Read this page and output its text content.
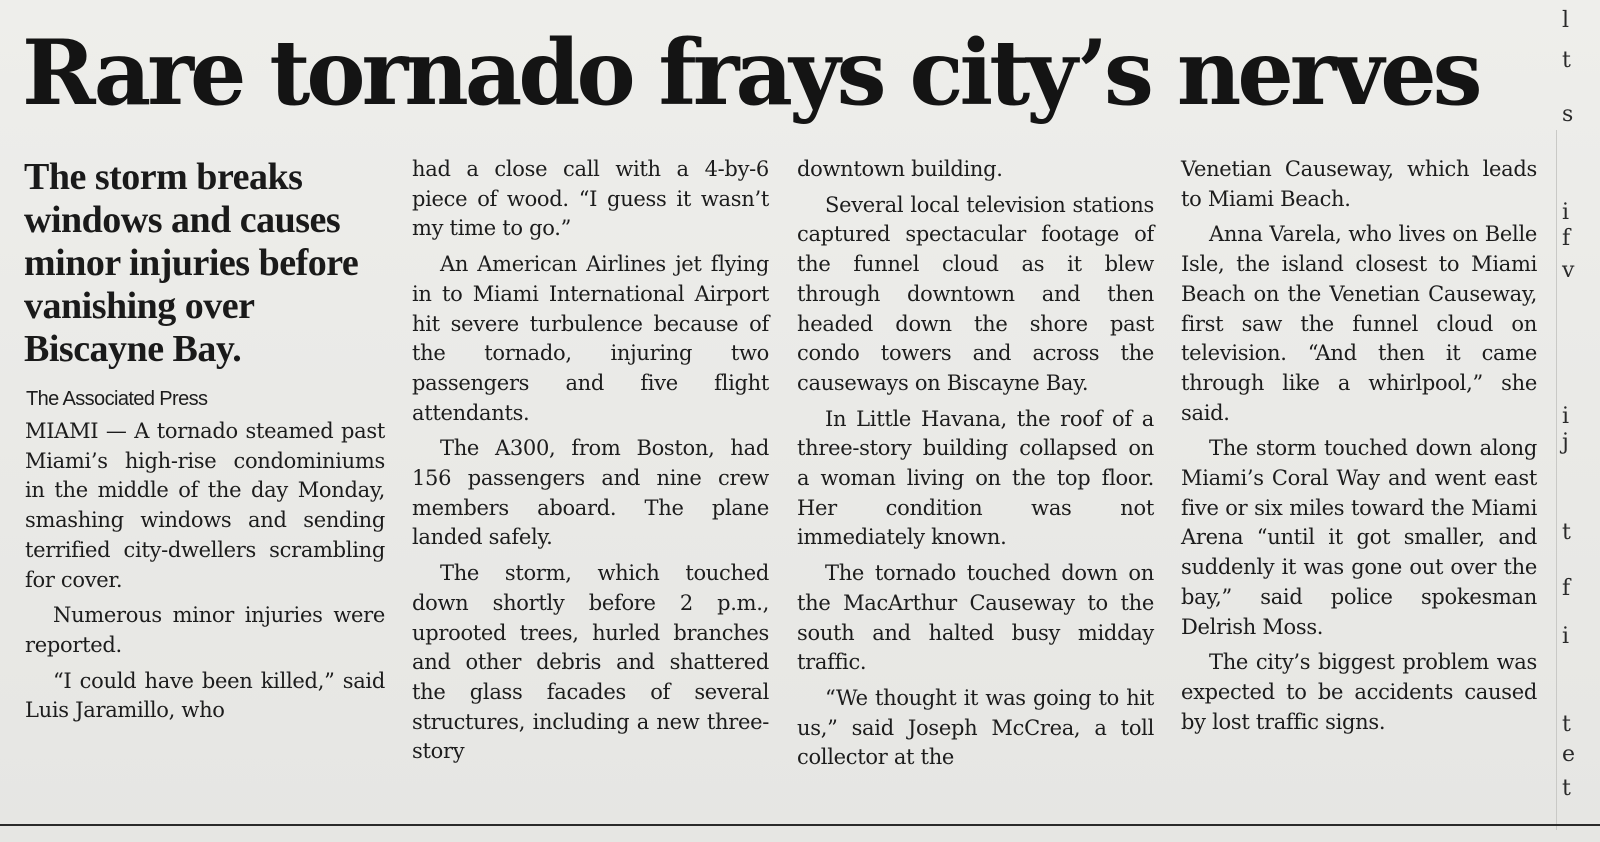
Rare tornado frays city’s nerves
The storm breaks windows and causes minor injuries before vanishing over Biscayne Bay.
The Associated Press

MIAMI — A tornado steamed past Miami’s high-rise condominiums in the middle of the day Monday, smashing windows and sending terrified city-dwellers scrambling for cover.

Numerous minor injuries were reported.

“I could have been killed,” said Luis Jaramillo, who

had a close call with a 4-by-6 piece of wood. “I guess it wasn’t my time to go.”

An American Airlines jet flying in to Miami International Airport hit severe turbulence because of the tornado, injuring two passengers and five flight attendants.

The A300, from Boston, had 156 passengers and nine crew members aboard. The plane landed safely.

The storm, which touched down shortly before 2 p.m., uprooted trees, hurled branches and other debris and shattered the glass facades of several structures, including a new three-story

downtown building.

Several local television stations captured spectacular footage of the funnel cloud as it blew through downtown and then headed down the shore past condo towers and across the causeways on Biscayne Bay.

In Little Havana, the roof of a three-story building collapsed on a woman living on the top floor. Her condition was not immediately known.

The tornado touched down on the MacArthur Causeway to the south and halted busy midday traffic.

“We thought it was going to hit us,” said Joseph McCrea, a toll collector at the

Venetian Causeway, which leads to Miami Beach.

Anna Varela, who lives on Belle Isle, the island closest to Miami Beach on the Venetian Causeway, first saw the funnel cloud on television. “And then it came through like a whirlpool,” she said.

The storm touched down along Miami’s Coral Way and went east five or six miles toward the Miami Arena “until it got smaller, and suddenly it was gone out over the bay,” said police spokesman Delrish Moss.

The city’s biggest problem was expected to be accidents caused by lost traffic signs.

l
t
s
i
f
v
i
j
t
f
i
t
e
t
